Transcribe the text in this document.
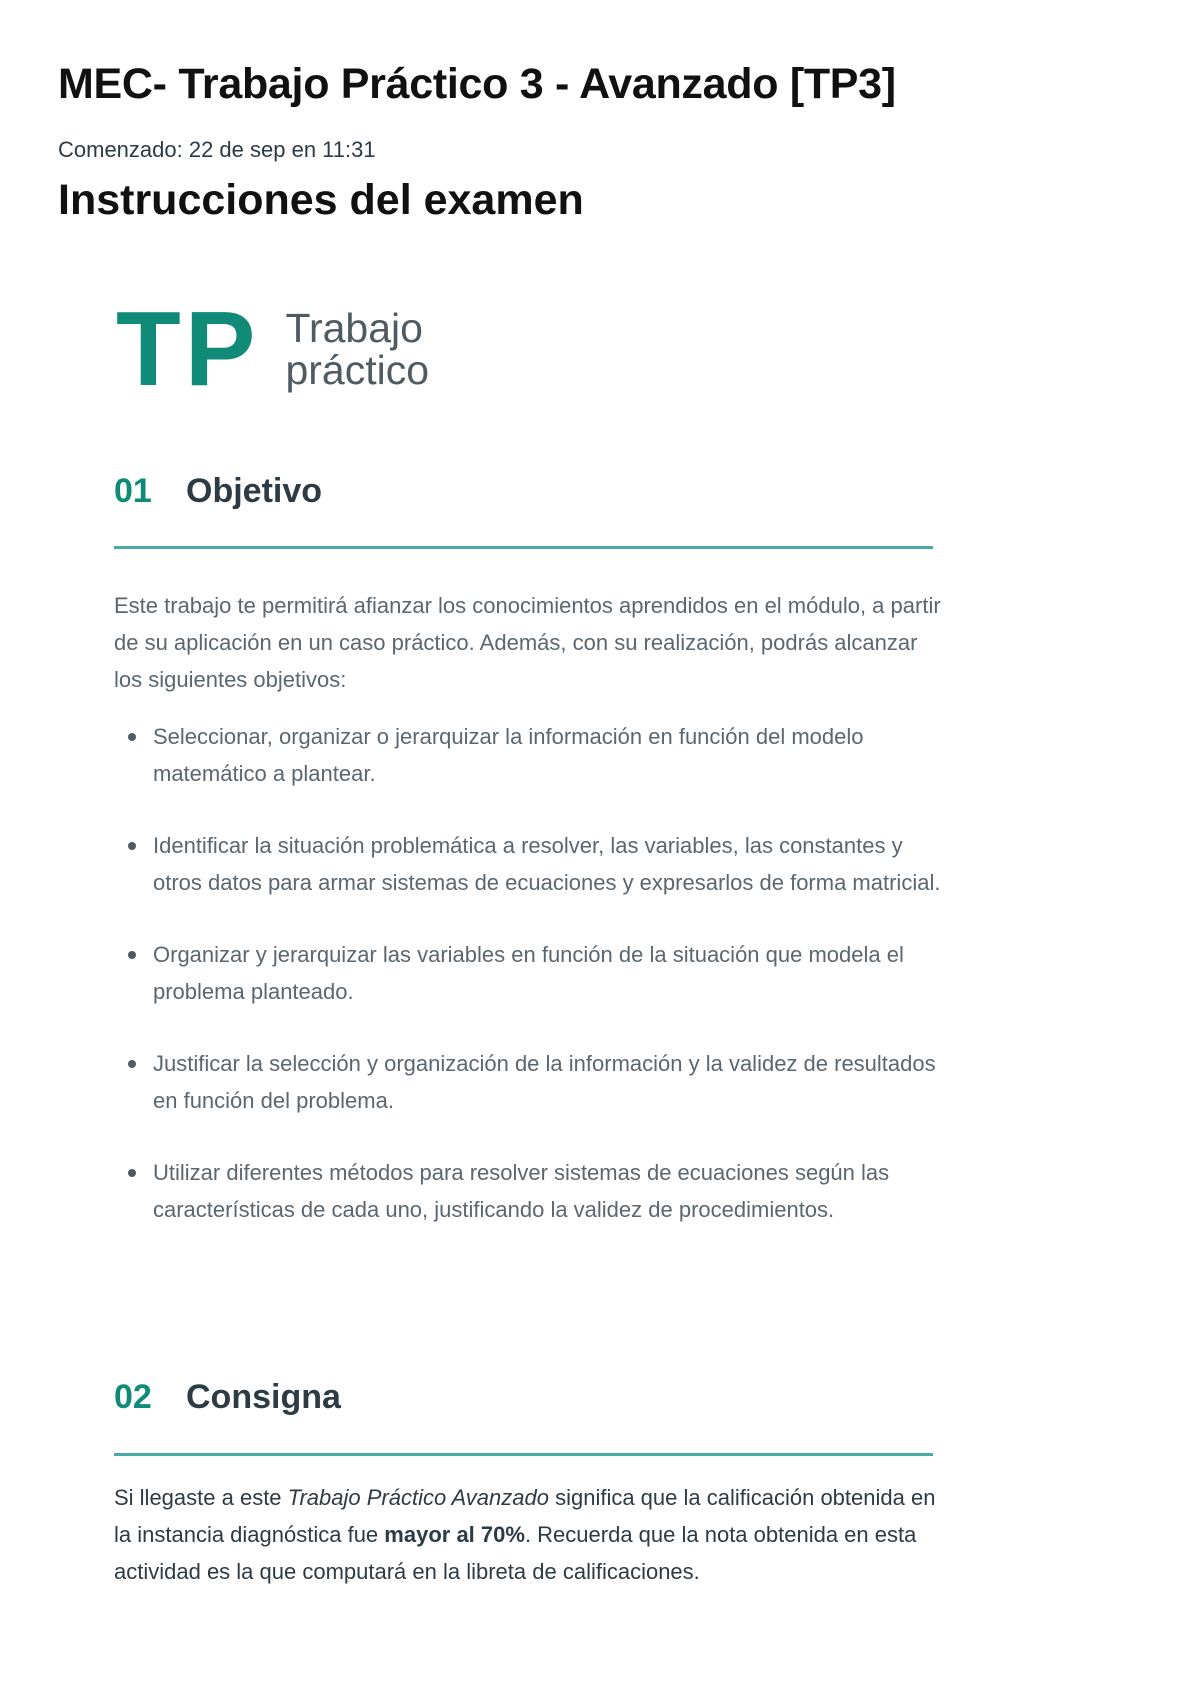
MEC- Trabajo Práctico 3 - Avanzado [TP3]
Comenzado: 22 de sep en 11:31
Instrucciones del examen
TP Trabajo
práctico
01	Objetivo

Este trabajo te permitirá afianzar los conocimientos aprendidos en el módulo, a partir de su aplicación en un caso práctico. Además, con su realización, podrás alcanzar los siguientes objetivos:

Seleccionar, organizar o jerarquizar la información en función del modelo matemático a plantear.
Identificar la situación problemática a resolver, las variables, las constantes y otros datos para armar sistemas de ecuaciones y expresarlos de forma matricial.
Organizar y jerarquizar las variables en función de la situación que modela el problema planteado.
Justificar la selección y organización de la información y la validez de resultados en función del problema.
Utilizar diferentes métodos para resolver sistemas de ecuaciones según las características de cada uno, justificando la validez de procedimientos.
02	Consigna

Si llegaste a este Trabajo Práctico Avanzado significa que la calificación obtenida en la instancia diagnóstica fue mayor al 70%. Recuerda que la nota obtenida en esta actividad es la que computará en la libreta de calificaciones.
